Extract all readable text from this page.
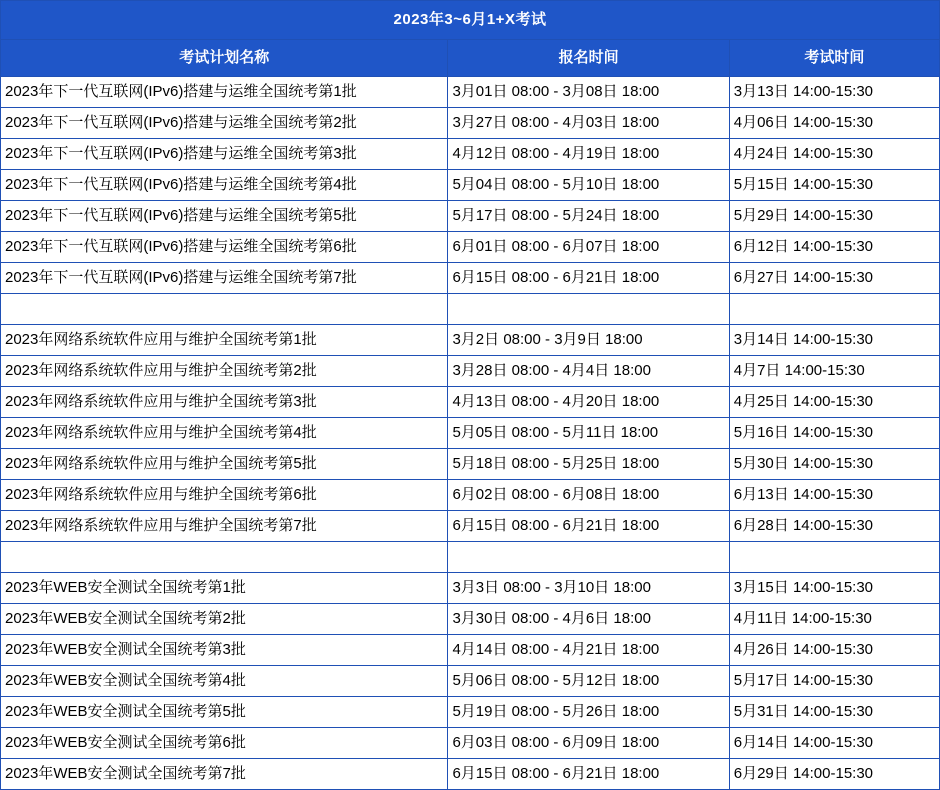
2023年3~6月1+X考试		
考试计划名称	报名时间	考试时间
2023年下一代互联网(IPv6)搭建与运维全国统考第1批	3月01日 08:00 - 3月08日 18:00	3月13日 14:00-15:30
2023年下一代互联网(IPv6)搭建与运维全国统考第2批	3月27日 08:00 - 4月03日 18:00	4月06日 14:00-15:30
2023年下一代互联网(IPv6)搭建与运维全国统考第3批	4月12日 08:00 - 4月19日 18:00	4月24日 14:00-15:30
2023年下一代互联网(IPv6)搭建与运维全国统考第4批	5月04日 08:00 - 5月10日 18:00	5月15日 14:00-15:30
2023年下一代互联网(IPv6)搭建与运维全国统考第5批	5月17日 08:00 - 5月24日 18:00	5月29日 14:00-15:30
2023年下一代互联网(IPv6)搭建与运维全国统考第6批	6月01日 08:00 - 6月07日 18:00	6月12日 14:00-15:30
2023年下一代互联网(IPv6)搭建与运维全国统考第7批	6月15日 08:00 - 6月21日 18:00	6月27日 14:00-15:30

2023年网络系统软件应用与维护全国统考第1批	3月2日 08:00 - 3月9日 18:00	3月14日 14:00-15:30
2023年网络系统软件应用与维护全国统考第2批	3月28日 08:00 - 4月4日 18:00	4月7日 14:00-15:30
2023年网络系统软件应用与维护全国统考第3批	4月13日 08:00 - 4月20日 18:00	4月25日 14:00-15:30
2023年网络系统软件应用与维护全国统考第4批	5月05日 08:00 - 5月11日 18:00	5月16日 14:00-15:30
2023年网络系统软件应用与维护全国统考第5批	5月18日 08:00 - 5月25日 18:00	5月30日 14:00-15:30
2023年网络系统软件应用与维护全国统考第6批	6月02日 08:00 - 6月08日 18:00	6月13日 14:00-15:30
2023年网络系统软件应用与维护全国统考第7批	6月15日 08:00 - 6月21日 18:00	6月28日 14:00-15:30

2023年WEB安全测试全国统考第1批	3月3日 08:00 - 3月10日 18:00	3月15日 14:00-15:30
2023年WEB安全测试全国统考第2批	3月30日 08:00 - 4月6日 18:00	4月11日 14:00-15:30
2023年WEB安全测试全国统考第3批	4月14日 08:00 - 4月21日 18:00	4月26日 14:00-15:30
2023年WEB安全测试全国统考第4批	5月06日 08:00 - 5月12日 18:00	5月17日 14:00-15:30
2023年WEB安全测试全国统考第5批	5月19日 08:00 - 5月26日 18:00	5月31日 14:00-15:30
2023年WEB安全测试全国统考第6批	6月03日 08:00 - 6月09日 18:00	6月14日 14:00-15:30
2023年WEB安全测试全国统考第7批	6月15日 08:00 - 6月21日 18:00	6月29日 14:00-15:30
